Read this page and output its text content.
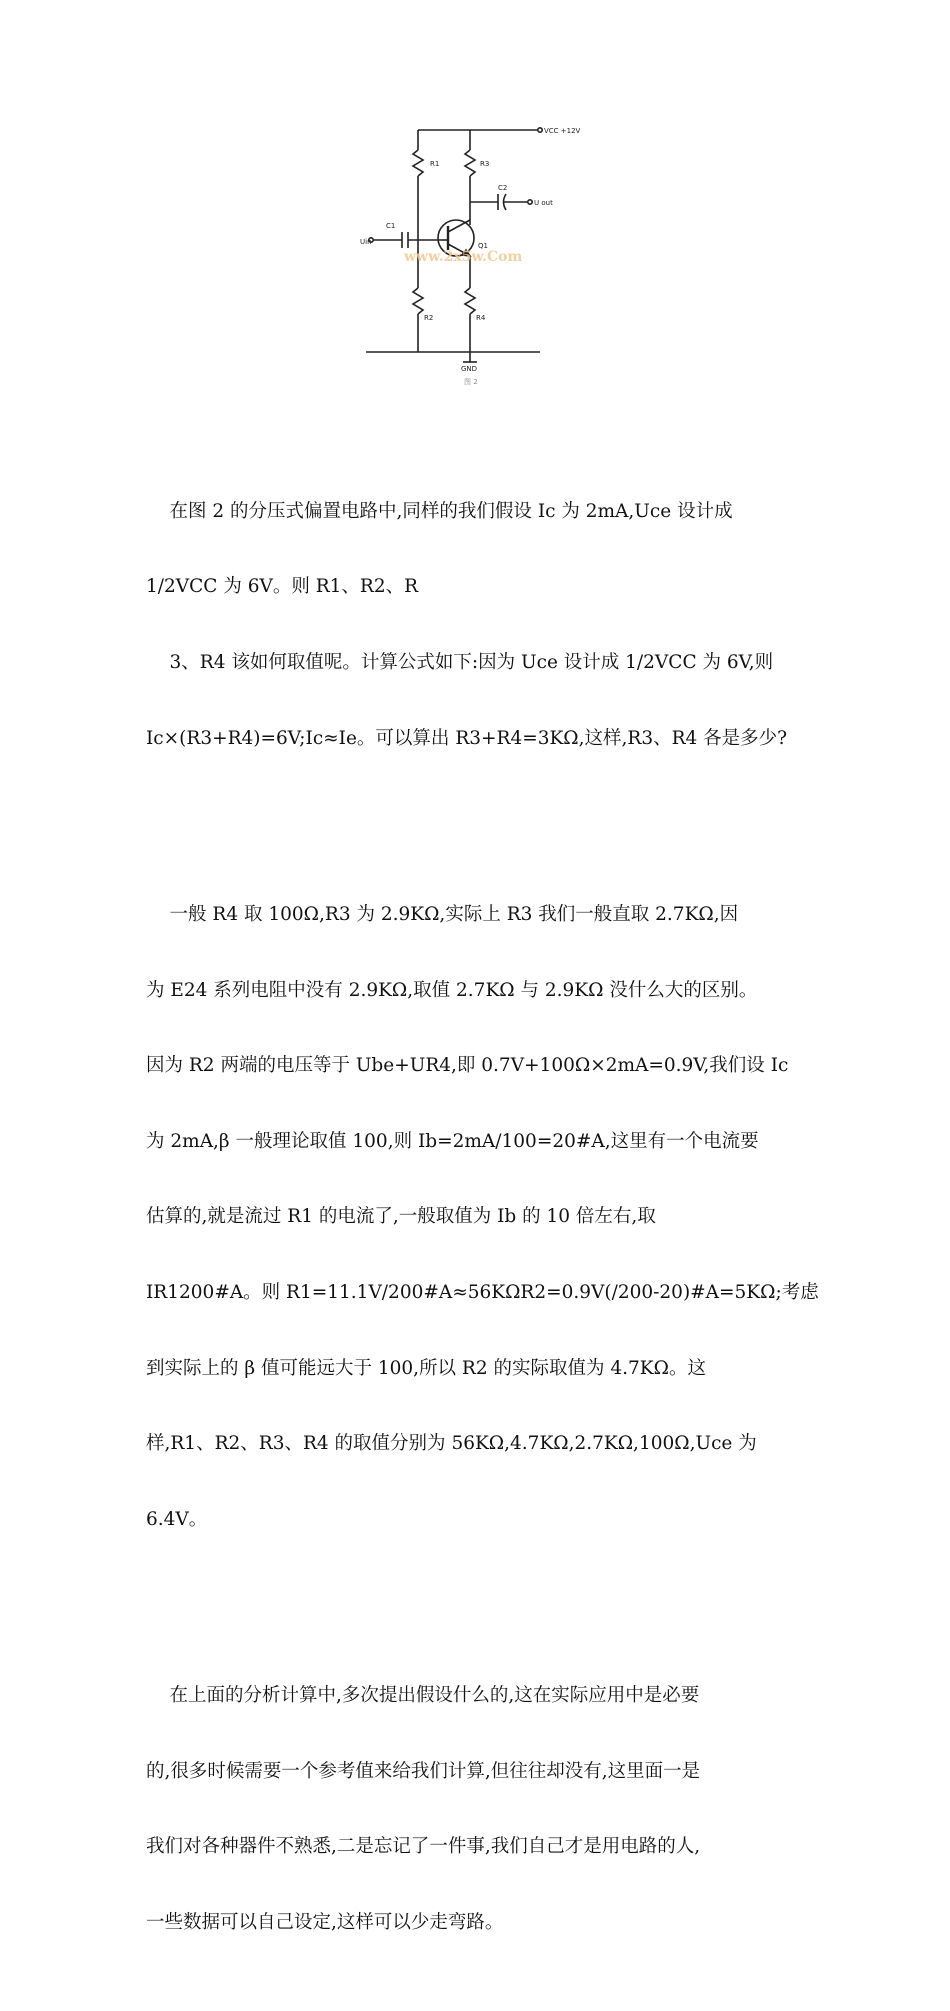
VCC +12V
R1	R3
C2
U out
C1
Uin	Q1
R2	R4
GND
图 2
www.2x5w.Com

在图 2 的分压式偏置电路中,同样的我们假设 Ic 为 2mA,Uce 设计成

1/2VCC 为 6V。则 R1、R2、R

3、R4 该如何取值呢。计算公式如下:因为 Uce 设计成 1/2VCC 为 6V,则

Ic×(R3+R4)=6V;Ic≈Ie。可以算出 R3+R4=3KΩ,这样,R3、R4 各是多少?

一般 R4 取 100Ω,R3 为 2.9KΩ,实际上 R3 我们一般直取 2.7KΩ,因

为 E24 系列电阻中没有 2.9KΩ,取值 2.7KΩ 与 2.9KΩ 没什么大的区别。

因为 R2 两端的电压等于 Ube+UR4,即 0.7V+100Ω×2mA=0.9V,我们设 Ic

为 2mA,β 一般理论取值 100,则 Ib=2mA/100=20#A,这里有一个电流要

估算的,就是流过 R1 的电流了,一般取值为 Ib 的 10 倍左右,取

IR1200#A。则 R1=11.1V/200#A≈56KΩR2=0.9V(/200-20)#A=5KΩ;考虑

到实际上的 β 值可能远大于 100,所以 R2 的实际取值为 4.7KΩ。这

样,R1、R2、R3、R4 的取值分别为 56KΩ,4.7KΩ,2.7KΩ,100Ω,Uce 为

6.4V。

在上面的分析计算中,多次提出假设什么的,这在实际应用中是必要

的,很多时候需要一个参考值来给我们计算,但往往却没有,这里面一是

我们对各种器件不熟悉,二是忘记了一件事,我们自己才是用电路的人,

一些数据可以自己设定,这样可以少走弯路。
